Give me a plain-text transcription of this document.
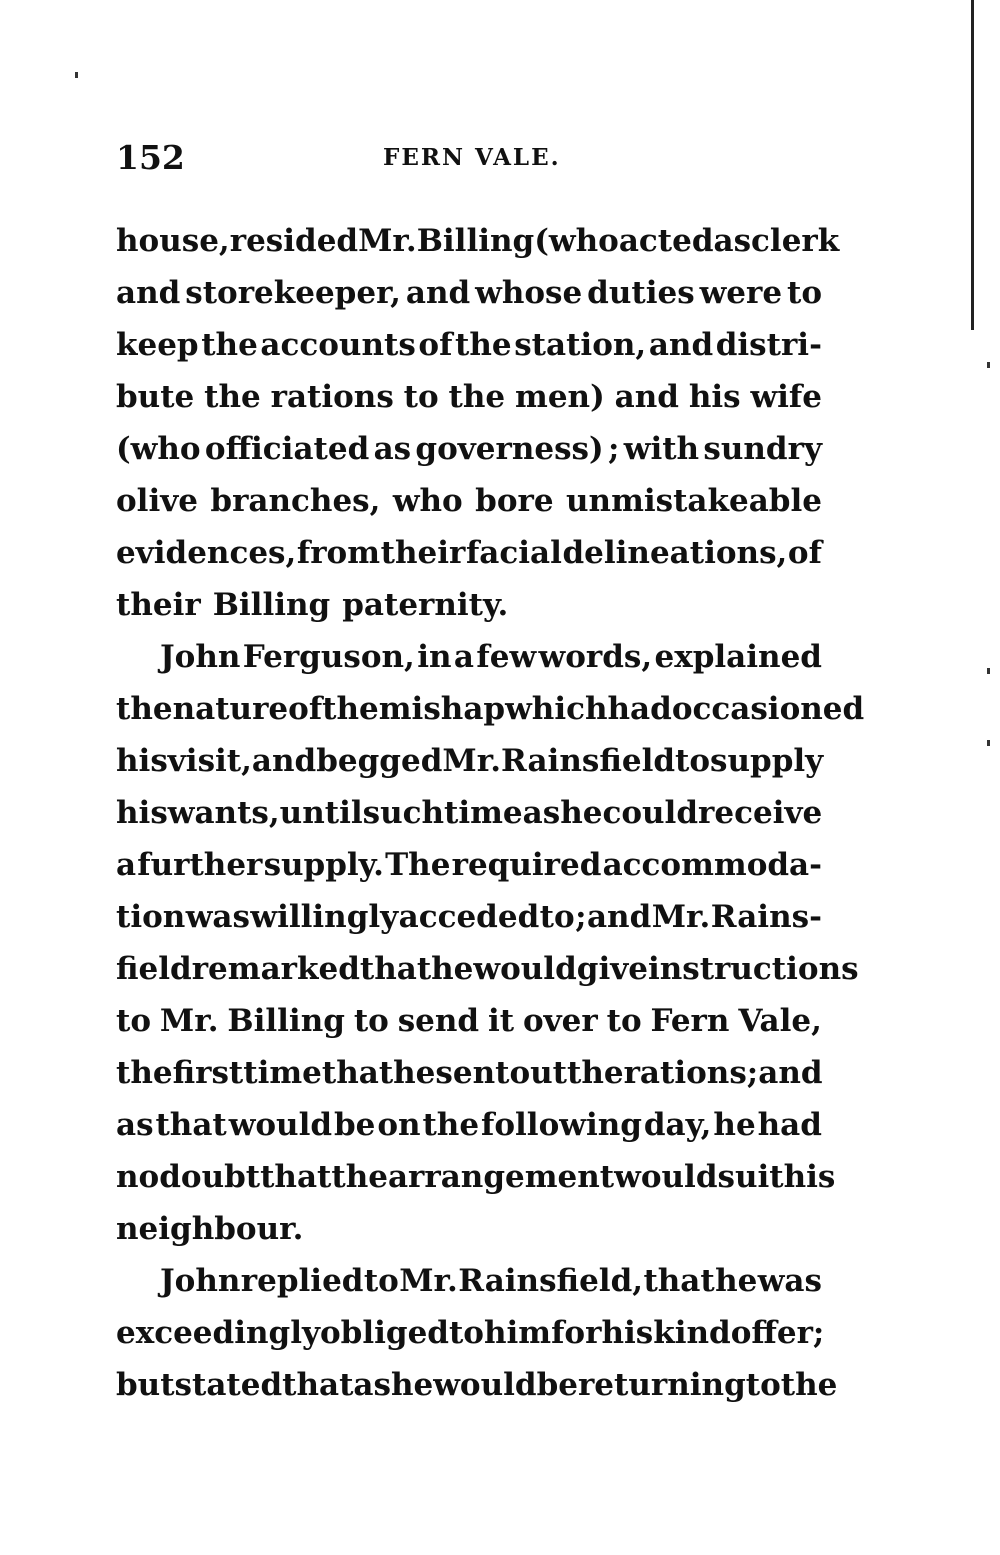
152	FERN VALE.
house, resided Mr. Billing (who acted as clerk
and storekeeper, and whose duties were to
keep the accounts of the station, and distri-
bute the rations to the men) and his wife
(who officiated as governess) ; with sundry
olive branches, who bore unmistakeable
evidences, from their facial delineations, of
their Billing paternity.
John Ferguson, in a few words, explained
the nature of the mishap which had occasioned
his visit, and begged Mr. Rainsfield to supply
his wants, until such time as he could receive
a further supply. The required accommoda-
tion was willingly acceded to ; and Mr. Rains-
field remarked that he would give instructions
to Mr. Billing to send it over to Fern Vale,
the first time that he sent out the rations ; and
as that would be on the following day, he had
no doubt that the arrangement would suit his
neighbour.
John replied to Mr. Rainsfield, that he was
exceedingly obliged to him for his kind offer ;
but stated that as he would be returning to the
